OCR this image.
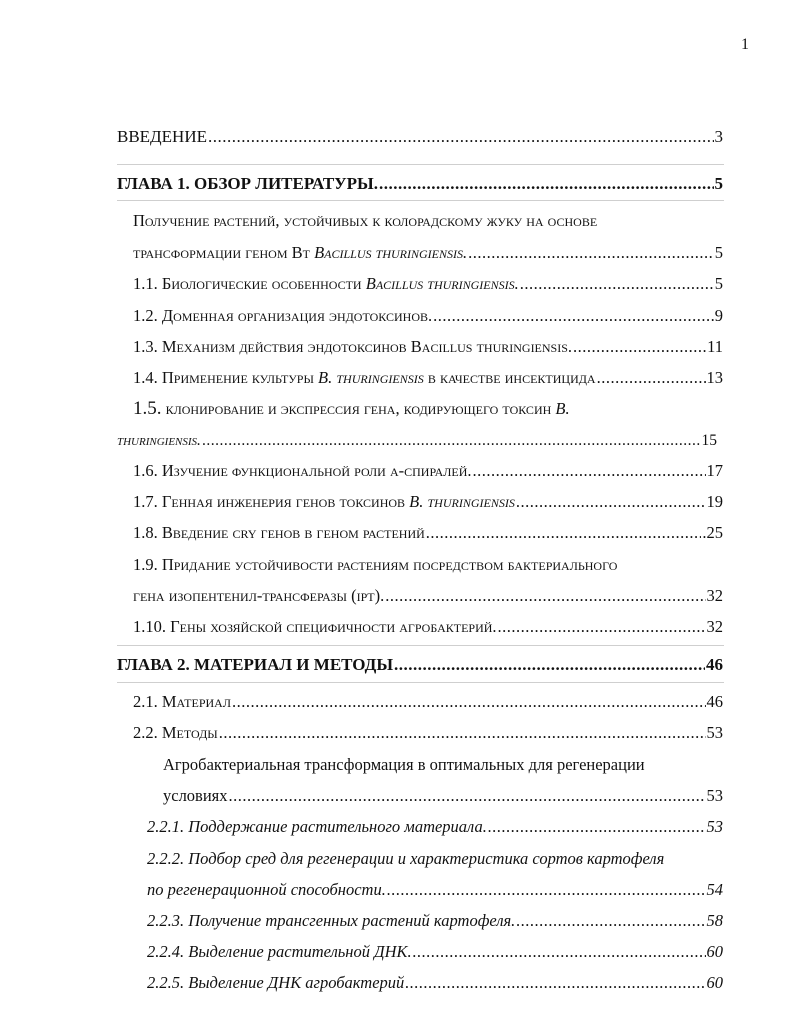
1
ВВЕДЕНИЕ .....	3
ГЛАВА 1. ОБЗОР ЛИТЕРАТУРЫ. .....	5
Получение растений, устойчивых к колорадскому жуку на основе
трансформации геном Вт Bacillus thuringiensis. .....	5
1.1. Биологические особенности Bacillus thuringiensis. .....	5
1.2. Доменная организация эндотоксинов. .....	9
1.3. Механизм действия эндотоксинов Bacillus thuringiensis. .....	11
1.4. Применение культуры B. thuringiensis в качестве инсектицида .....	13
1.5. клонирование и экспрессия гена, кодирующего токсин B.
thuringiensis. .....	15
1.6. Изучение функциональной роли α-спиралей. .....	17
1.7. Генная инженерия генов токсинов B. thuringiensis .....	19
1.8. Введение cry генов в геном растений .....	.25
1.9. Придание устойчивости растениям посредством бактериального
гена изопентенил-трансферазы (ipt). .....	32
1.10. Гены хозяйской специфичности агробактерий. .....	32
ГЛАВА 2. МАТЕРИАЛ И МЕТОДЫ .....	46
2.1. Материал .....	46
2.2. Методы .....	53
Агробактериальная трансформация в оптимальных для регенерации
условиях .....	53
2.2.1. Поддержание растительного материала. .....	53
2.2.2. Подбор сред для регенерации и характеристика сортов картофеля
по регенерационной способности. .....	54
2.2.3. Получение трансгенных растений картофеля. .....	58
2.2.4. Выделение растительной ДНК. .....	60
2.2.5. Выделение ДНК агробактерий .....	60
